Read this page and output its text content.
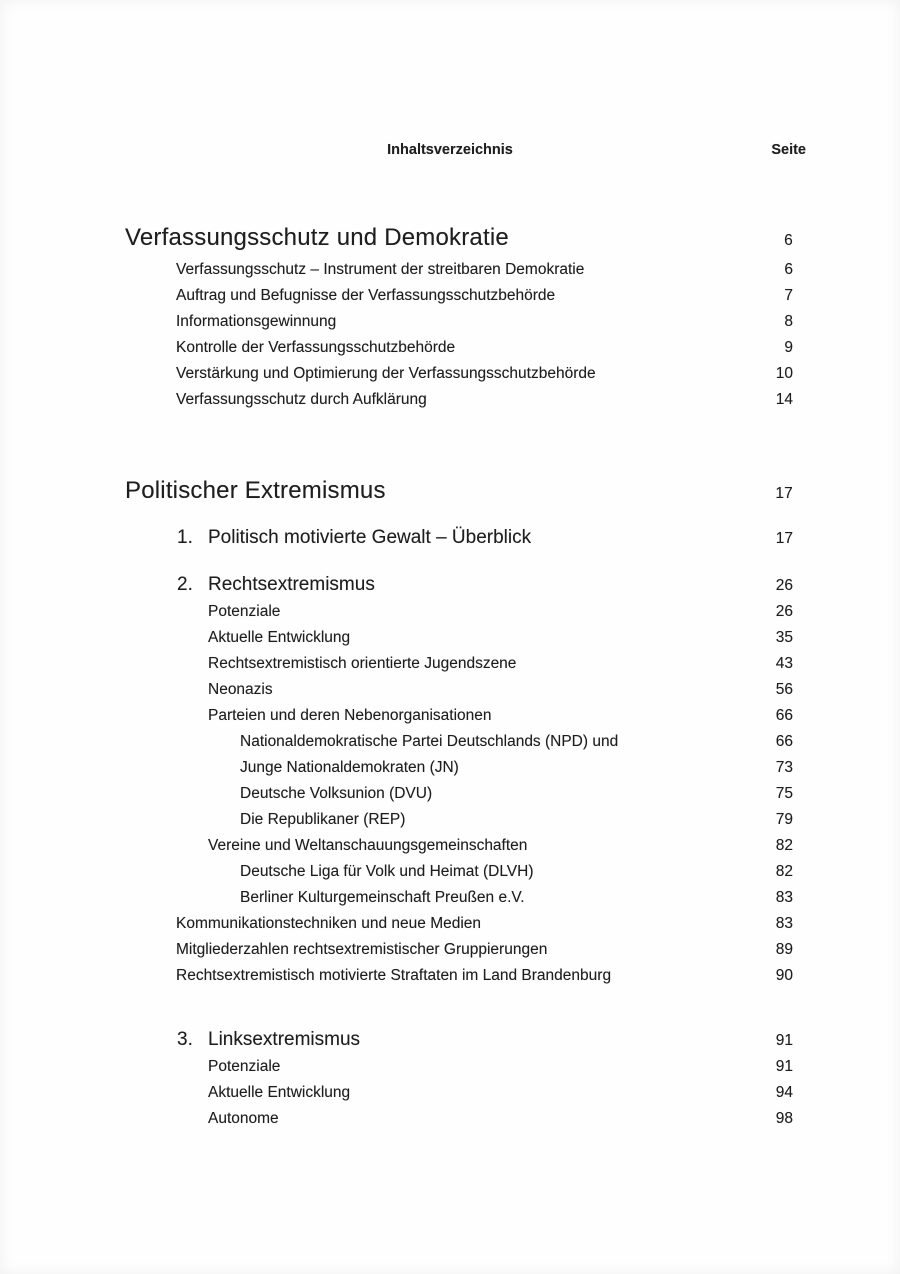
Inhaltsverzeichnis	Seite
Verfassungsschutz und Demokratie	6
Verfassungsschutz – Instrument der streitbaren Demokratie	6
Auftrag und Befugnisse der Verfassungsschutzbehörde	7
Informationsgewinnung	8
Kontrolle der Verfassungsschutzbehörde	9
Verstärkung und Optimierung der Verfassungsschutzbehörde	10
Verfassungsschutz durch Aufklärung	14
Politischer Extremismus	17
1. Politisch motivierte Gewalt – Überblick	17
2. Rechtsextremismus	26
Potenziale	26
Aktuelle Entwicklung	35
Rechtsextremistisch orientierte Jugendszene	43
Neonazis	56
Parteien und deren Nebenorganisationen	66
Nationaldemokratische Partei Deutschlands (NPD) und	66
Junge Nationaldemokraten (JN)	73
Deutsche Volksunion (DVU)	75
Die Republikaner (REP)	79
Vereine und Weltanschauungsgemeinschaften	82
Deutsche Liga für Volk und Heimat (DLVH)	82
Berliner Kulturgemeinschaft Preußen e.V.	83
Kommunikationstechniken und neue Medien	83
Mitgliederzahlen rechtsextremistischer Gruppierungen	89
Rechtsextremistisch motivierte Straftaten im Land Brandenburg	90
3. Linksextremismus	91
Potenziale	91
Aktuelle Entwicklung	94
Autonome	98
